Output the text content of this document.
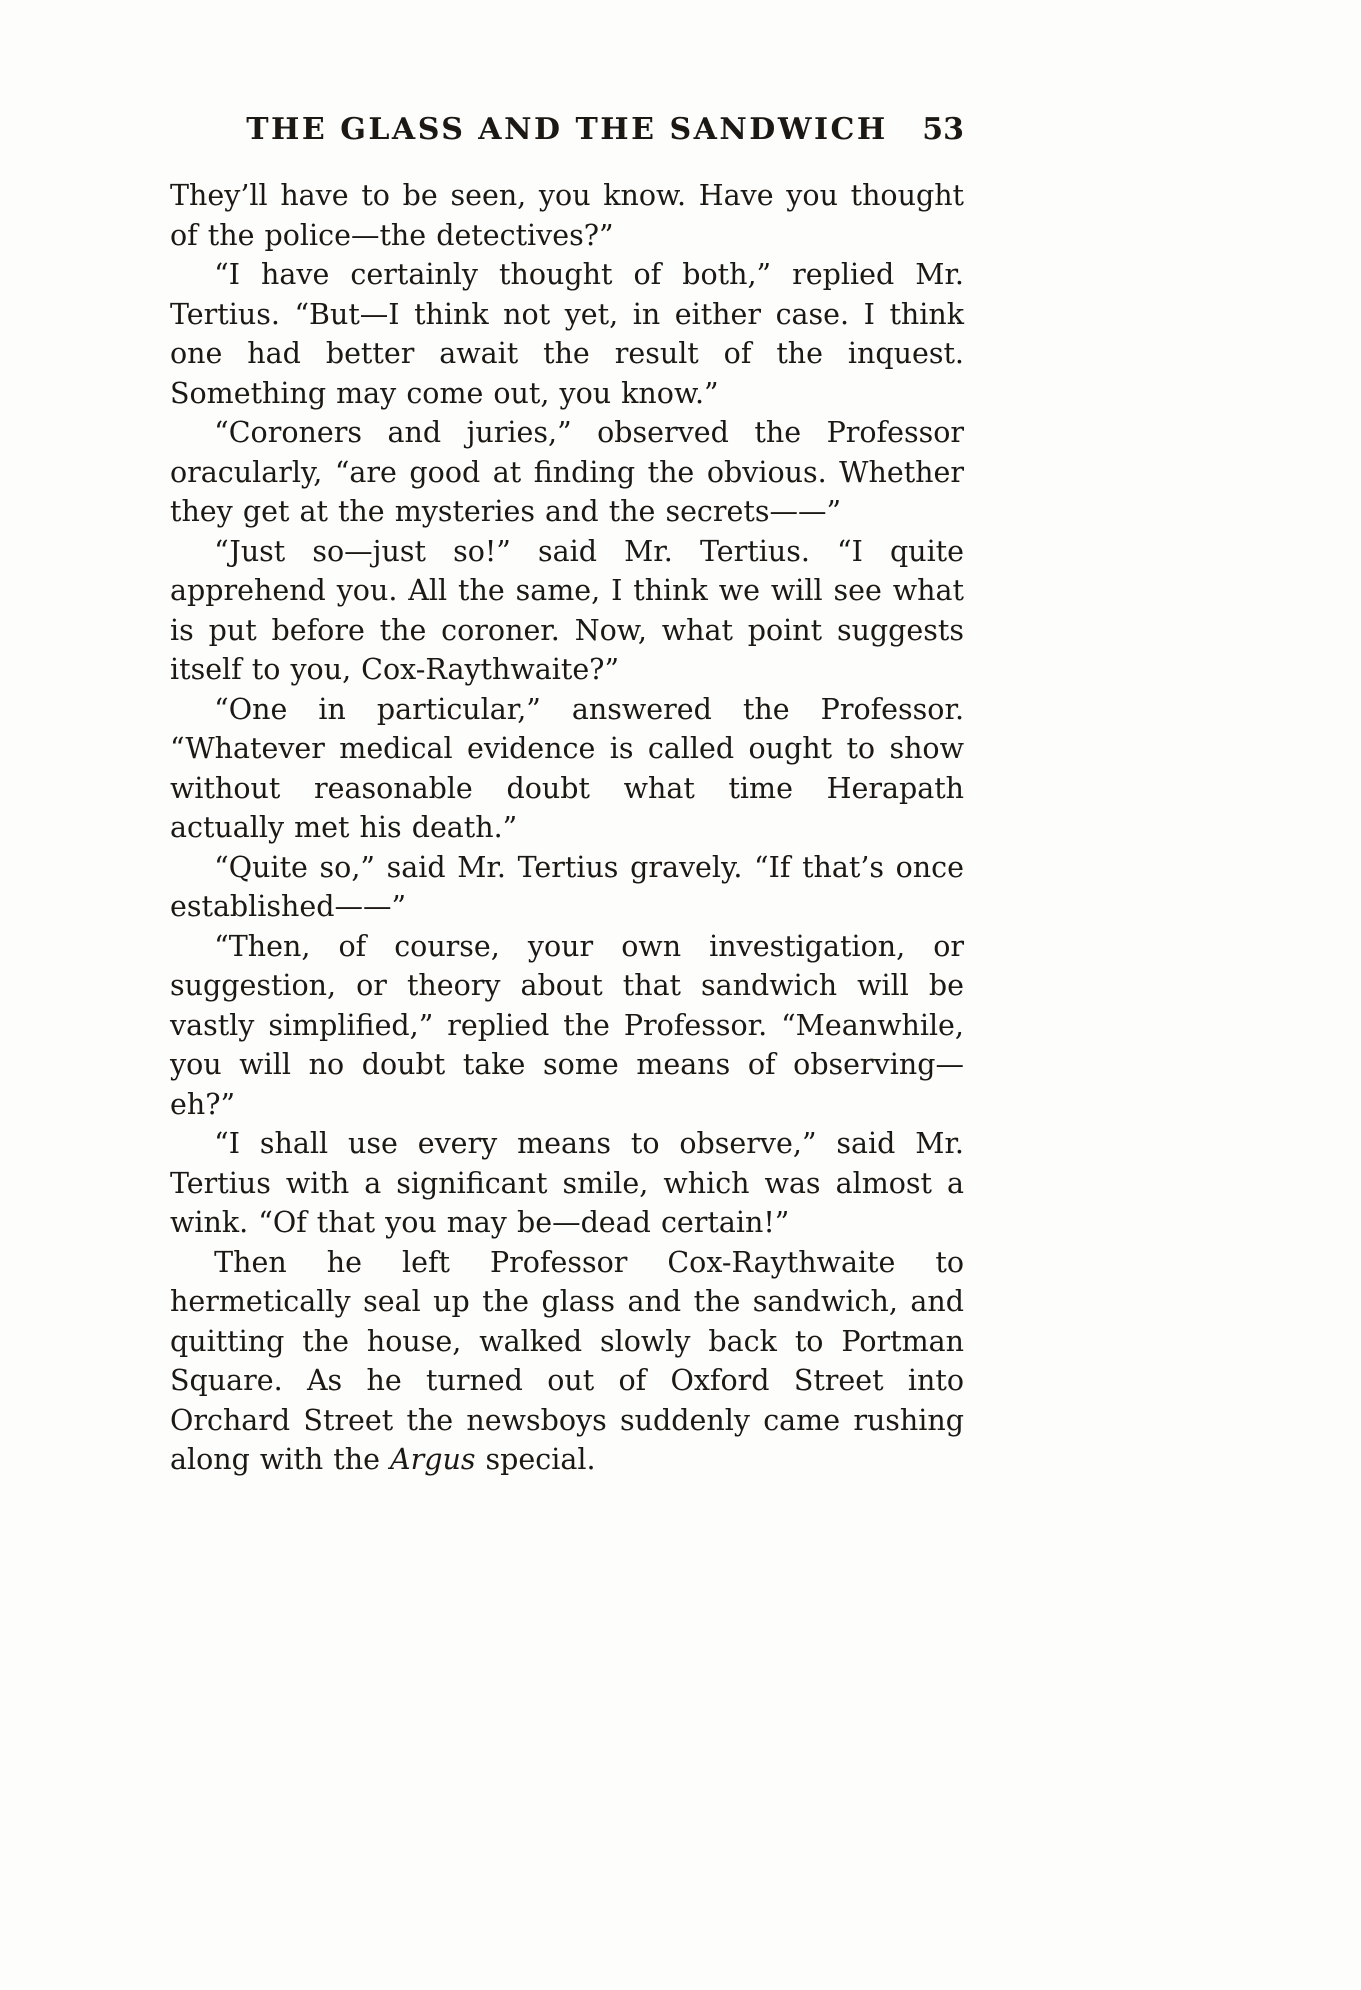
THE GLASS AND THE SANDWICH	53

They’ll have to be seen, you know. Have you thought of the police—the detectives?”

“I have certainly thought of both,” replied Mr. Tertius. “But—I think not yet, in either case. I think one had better await the result of the inquest. Something may come out, you know.”

“Coroners and juries,” observed the Professor oracularly, “are good at finding the obvious. Whether they get at the mysteries and the secrets——”

“Just so—just so!” said Mr. Tertius. “I quite apprehend you. All the same, I think we will see what is put before the coroner. Now, what point suggests itself to you, Cox-Raythwaite?”

“One in particular,” answered the Professor. “Whatever medical evidence is called ought to show without reasonable doubt what time Herapath actually met his death.”

“Quite so,” said Mr. Tertius gravely. “If that’s once established——”

“Then, of course, your own investigation, or suggestion, or theory about that sandwich will be vastly simplified,” replied the Professor. “Meanwhile, you will no doubt take some means of observing—eh?”

“I shall use every means to observe,” said Mr. Tertius with a significant smile, which was almost a wink. “Of that you may be—dead certain!”

Then he left Professor Cox-Raythwaite to hermetically seal up the glass and the sandwich, and quitting the house, walked slowly back to Portman Square. As he turned out of Oxford Street into Orchard Street the newsboys suddenly came rushing along with the Argus special.
